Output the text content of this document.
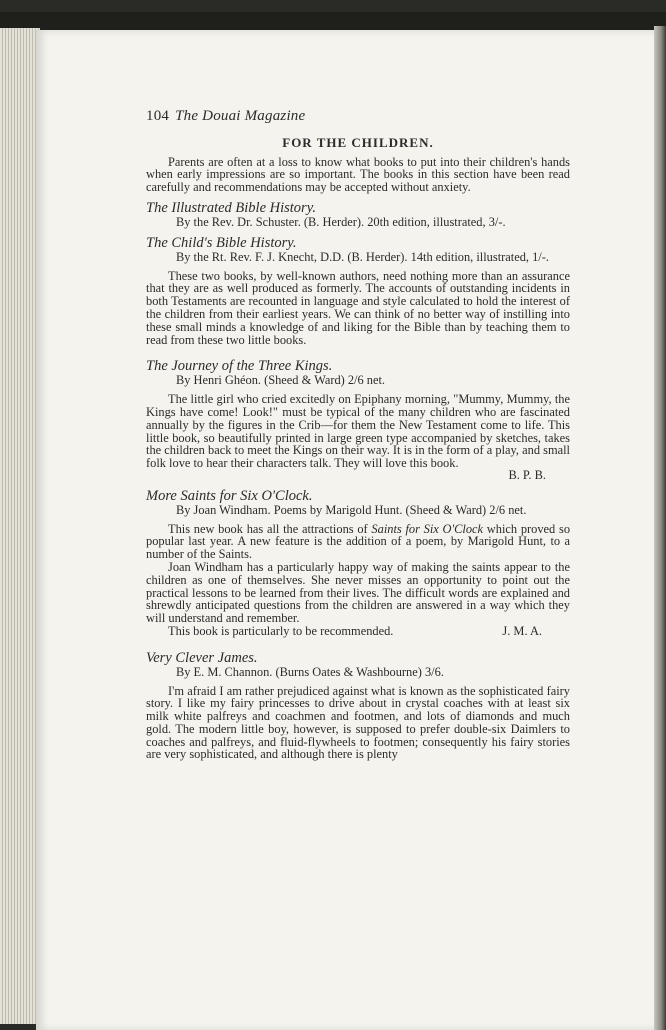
104 The Douai Magazine
FOR THE CHILDREN.

Parents are often at a loss to know what books to put into their children's hands when early impressions are so important. The books in this section have been read carefully and recommendations may be accepted without anxiety.

The Illustrated Bible History.

By the Rev. Dr. Schuster. (B. Herder). 20th edition, illustrated, 3/-.

The Child's Bible History.

By the Rt. Rev. F. J. Knecht, D.D. (B. Herder). 14th edition, illustrated, 1/-.

These two books, by well-known authors, need nothing more than an assurance that they are as well produced as formerly. The accounts of outstanding incidents in both Testaments are recounted in language and style calculated to hold the interest of the children from their earliest years. We can think of no better way of instilling into these small minds a knowledge of and liking for the Bible than by teaching them to read from these two little books.

The Journey of the Three Kings.

By Henri Ghéon. (Sheed & Ward) 2/6 net.

The little girl who cried excitedly on Epiphany morning, "Mummy, Mummy, the Kings have come! Look!" must be typical of the many children who are fascinated annually by the figures in the Crib—for them the New Testament come to life. This little book, so beautifully printed in large green type accompanied by sketches, takes the children back to meet the Kings on their way. It is in the form of a play, and small folk love to hear their characters talk. They will love this book.

B. P. B.

More Saints for Six O'Clock.

By Joan Windham. Poems by Marigold Hunt. (Sheed & Ward) 2/6 net.

This new book has all the attractions of Saints for Six O'Clock which proved so popular last year. A new feature is the addition of a poem, by Marigold Hunt, to a number of the Saints.

Joan Windham has a particularly happy way of making the saints appear to the children as one of themselves. She never misses an opportunity to point out the practical lessons to be learned from their lives. The difficult words are explained and shrewdly anticipated questions from the children are answered in a way which they will understand and remember.

This book is particularly to be recommended.	J. M. A.

Very Clever James.

By E. M. Channon. (Burns Oates & Washbourne) 3/6.

I'm afraid I am rather prejudiced against what is known as the sophisticated fairy story. I like my fairy princesses to drive about in crystal coaches with at least six milk white palfreys and coachmen and footmen, and lots of diamonds and much gold. The modern little boy, however, is supposed to prefer double-six Daimlers to coaches and palfreys, and fluid-flywheels to footmen; consequently his fairy stories are very sophisticated, and although there is plenty
